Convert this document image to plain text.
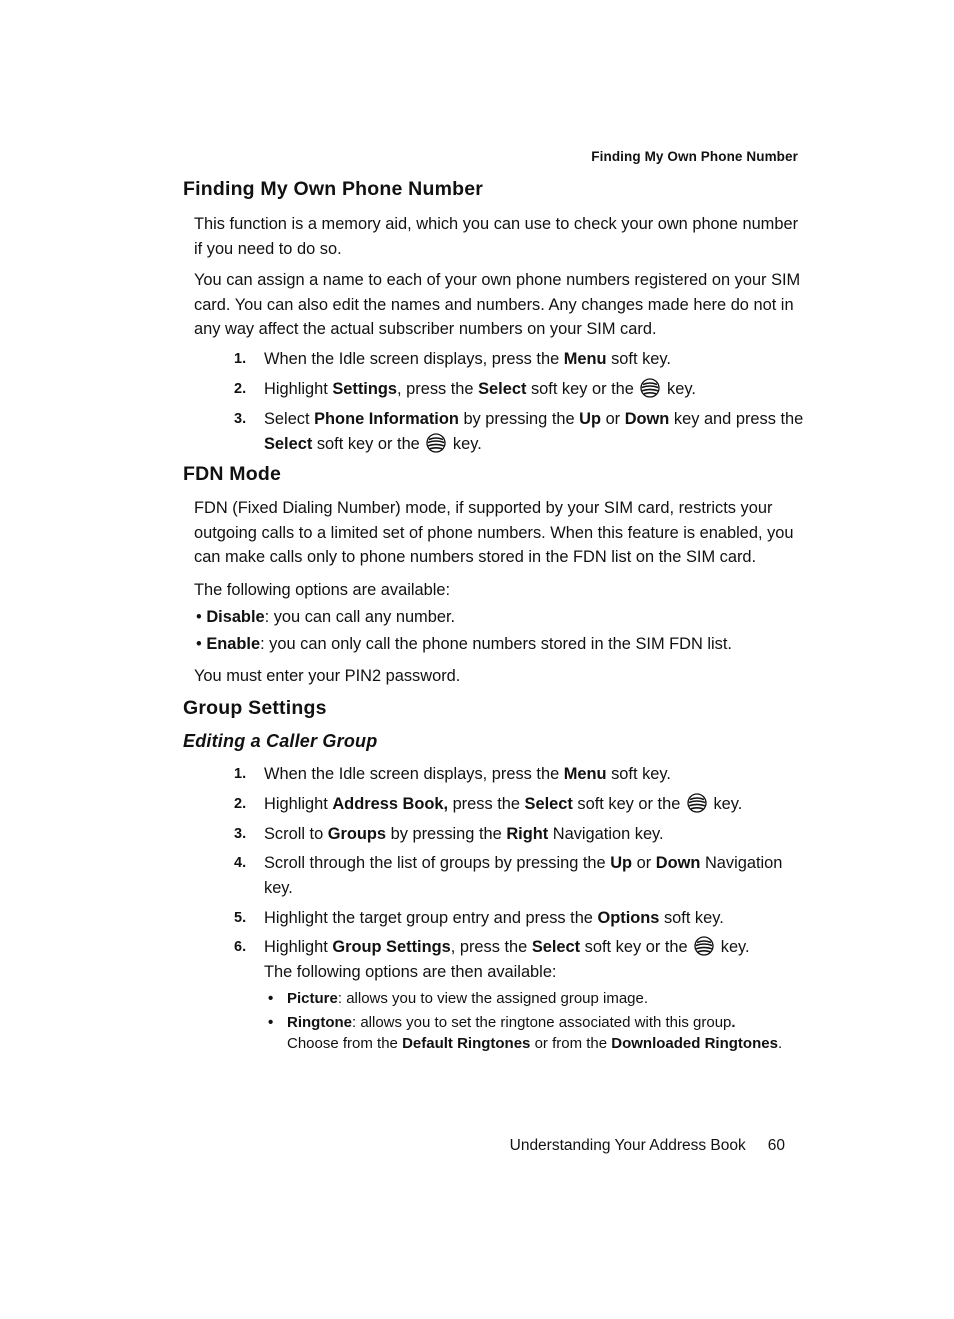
Finding My Own Phone Number
Finding My Own Phone Number

This function is a memory aid, which you can use to check your own phone number if you need to do so.

You can assign a name to each of your own phone numbers registered on your SIM card. You can also edit the names and numbers. Any changes made here do not in any way affect the actual subscriber numbers on your SIM card.

1. When the Idle screen displays, press the Menu soft key.
2. Highlight Settings, press the Select soft key or the key.
3. Select Phone Information by pressing the Up or Down key and press the Select soft key or the key.
FDN Mode

FDN (Fixed Dialing Number) mode, if supported by your SIM card, restricts your outgoing calls to a limited set of phone numbers. When this feature is enabled, you can make calls only to phone numbers stored in the FDN list on the SIM card.

The following options are available:

• Disable: you can call any number.
• Enable: you can only call the phone numbers stored in the SIM FDN list.

You must enter your PIN2 password.

Group Settings
Editing a Caller Group
1. When the Idle screen displays, press the Menu soft key.
2. Highlight Address Book, press the Select soft key or the key.
3. Scroll to Groups by pressing the Right Navigation key.
4. Scroll through the list of groups by pressing the Up or Down Navigation key.
5. Highlight the target group entry and press the Options soft key.
6. Highlight Group Settings, press the Select soft key or the key.
The following options are then available:
• Picture: allows you to view the assigned group image.
• Ringtone: allows you to set the ringtone associated with this group. Choose from the Default Ringtones or from the Downloaded Ringtones.
Understanding Your Address Book 60
